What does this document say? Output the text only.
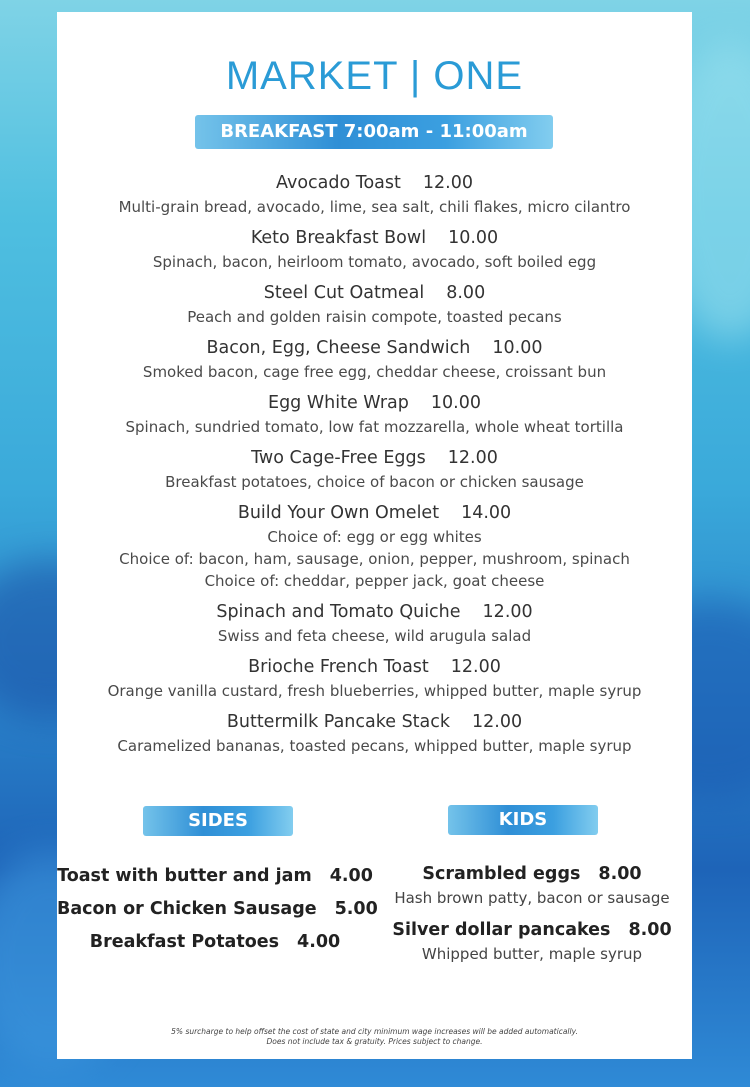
MARKET | ONE
BREAKFAST 7:00am - 11:00am
Avocado Toast 12.00
Multi-grain bread, avocado, lime, sea salt, chili flakes, micro cilantro
Keto Breakfast Bowl 10.00
Spinach, bacon, heirloom tomato, avocado, soft boiled egg
Steel Cut Oatmeal 8.00
Peach and golden raisin compote, toasted pecans
Bacon, Egg, Cheese Sandwich 10.00
Smoked bacon, cage free egg, cheddar cheese, croissant bun
Egg White Wrap 10.00
Spinach, sundried tomato, low fat mozzarella, whole wheat tortilla
Two Cage-Free Eggs 12.00
Breakfast potatoes, choice of bacon or chicken sausage
Build Your Own Omelet 14.00
Choice of: egg or egg whites
Choice of: bacon, ham, sausage, onion, pepper, mushroom, spinach
Choice of: cheddar, pepper jack, goat cheese
Spinach and Tomato Quiche 12.00
Swiss and feta cheese, wild arugula salad
Brioche French Toast 12.00
Orange vanilla custard, fresh blueberries, whipped butter, maple syrup
Buttermilk Pancake Stack 12.00
Caramelized bananas, toasted pecans, whipped butter, maple syrup
SIDES	KIDS
Toast with butter and jam 4.00
Bacon or Chicken Sausage 5.00
Breakfast Potatoes 4.00
Scrambled eggs 8.00
Hash brown patty, bacon or sausage
Silver dollar pancakes 8.00
Whipped butter, maple syrup
5% surcharge to help offset the cost of state and city minimum wage increases will be added automatically.
Does not include tax & gratuity. Prices subject to change.
